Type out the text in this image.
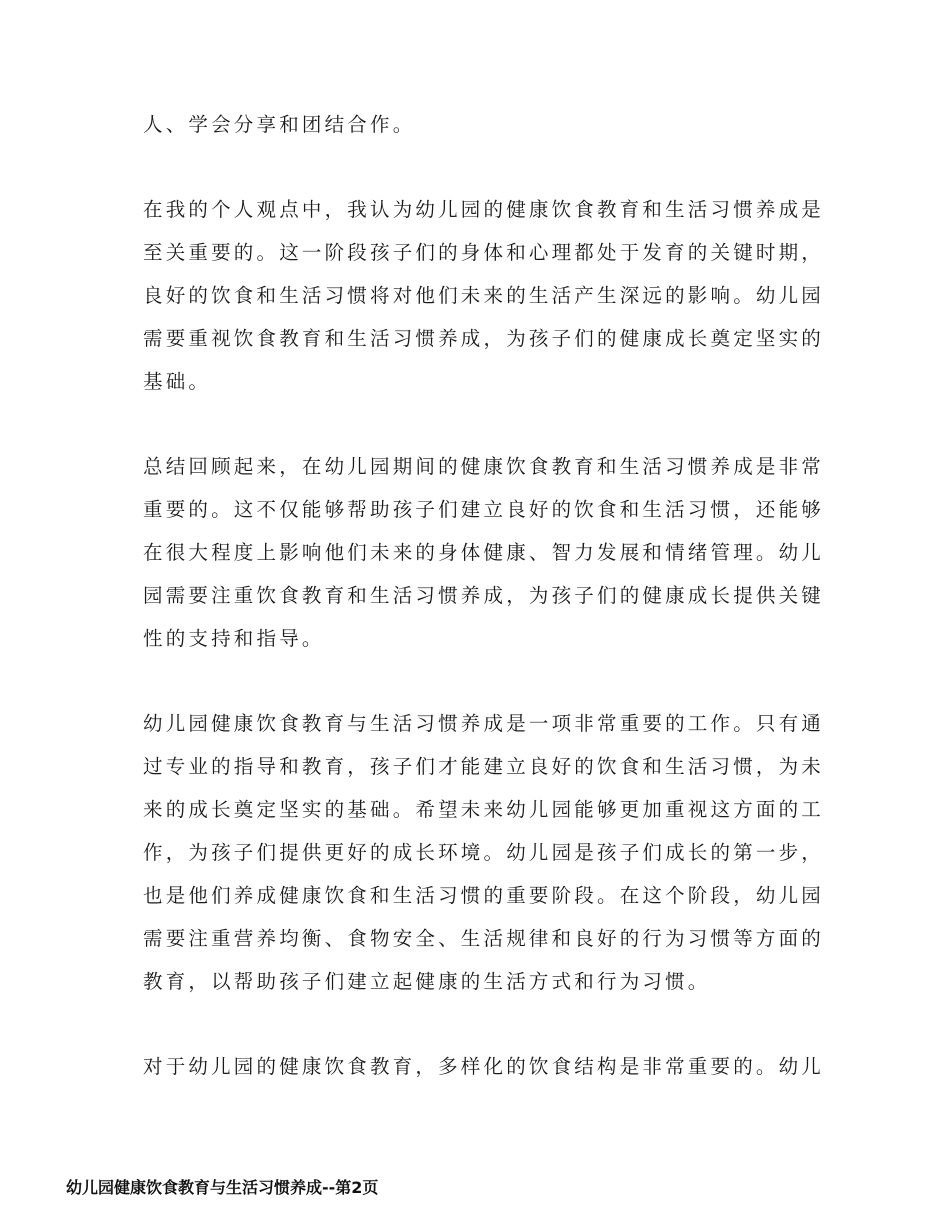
人、学会分享和团结合作。
在我的个人观点中，我认为幼儿园的健康饮食教育和生活习惯养成是
至关重要的。这一阶段孩子们的身体和心理都处于发育的关键时期，
良好的饮食和生活习惯将对他们未来的生活产生深远的影响。幼儿园
需要重视饮食教育和生活习惯养成，为孩子们的健康成长奠定坚实的
基础。
总结回顾起来，在幼儿园期间的健康饮食教育和生活习惯养成是非常
重要的。这不仅能够帮助孩子们建立良好的饮食和生活习惯，还能够
在很大程度上影响他们未来的身体健康、智力发展和情绪管理。幼儿
园需要注重饮食教育和生活习惯养成，为孩子们的健康成长提供关键
性的支持和指导。
幼儿园健康饮食教育与生活习惯养成是一项非常重要的工作。只有通
过专业的指导和教育，孩子们才能建立良好的饮食和生活习惯，为未
来的成长奠定坚实的基础。希望未来幼儿园能够更加重视这方面的工
作，为孩子们提供更好的成长环境。幼儿园是孩子们成长的第一步，
也是他们养成健康饮食和生活习惯的重要阶段。在这个阶段，幼儿园
需要注重营养均衡、食物安全、生活规律和良好的行为习惯等方面的
教育，以帮助孩子们建立起健康的生活方式和行为习惯。
对于幼儿园的健康饮食教育，多样化的饮食结构是非常重要的。幼儿
幼儿园健康饮食教育与生活习惯养成--第2页
